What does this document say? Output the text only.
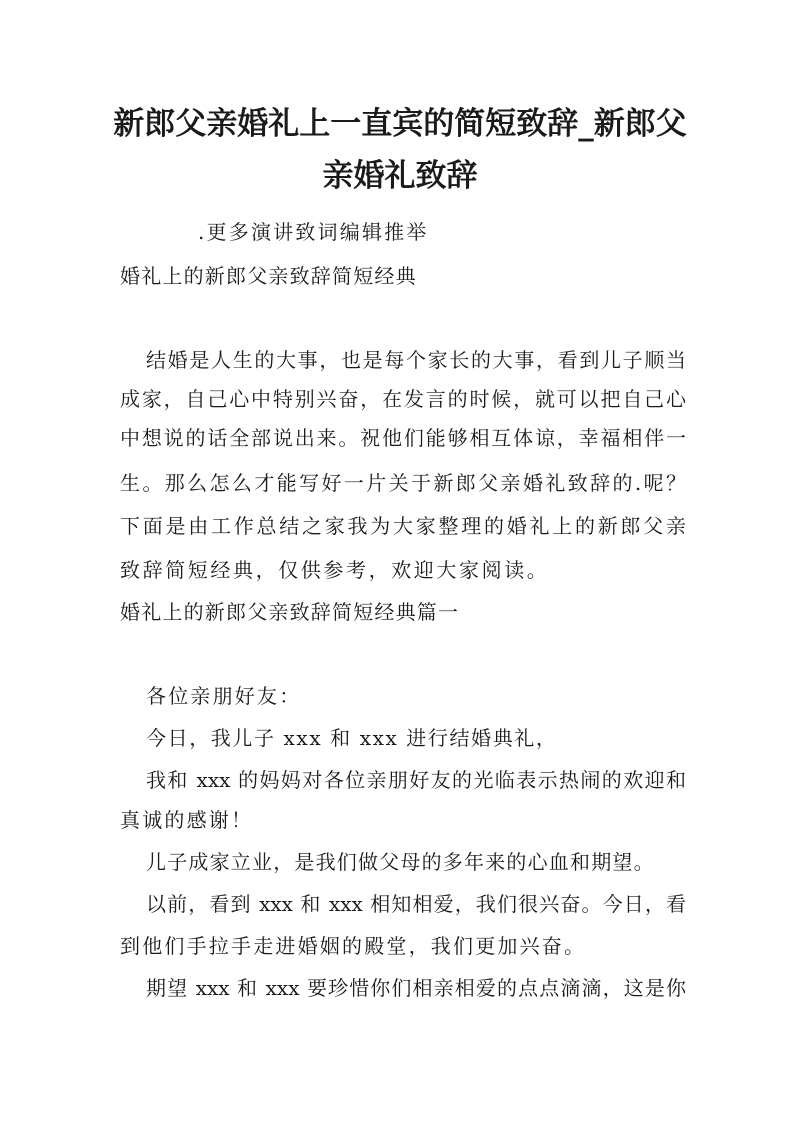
新郎父亲婚礼上一直宾的简短致辞_新郎父亲婚礼致辞

.更多演讲致词编辑推举

婚礼上的新郎父亲致辞简短经典

结婚是人生的大事，也是每个家长的大事，看到儿子顺当

成家，自己心中特别兴奋，在发言的时候，就可以把自己心

中想说的话全部说出来。祝他们能够相互体谅，幸福相伴一

生。那么怎么才能写好一片关于新郎父亲婚礼致辞的.呢？

下面是由工作总结之家我为大家整理的婚礼上的新郎父亲

致辞简短经典，仅供参考，欢迎大家阅读。

婚礼上的新郎父亲致辞简短经典篇一

各位亲朋好友：

今日，我儿子 xxx 和 xxx 进行结婚典礼，

我和 xxx 的妈妈对各位亲朋好友的光临表示热闹的欢迎和

真诚的感谢！

儿子成家立业，是我们做父母的多年来的心血和期望。

以前，看到 xxx 和 xxx 相知相爱，我们很兴奋。今日，看

到他们手拉手走进婚姻的殿堂，我们更加兴奋。

期望 xxx 和 xxx 要珍惜你们相亲相爱的点点滴滴，这是你
